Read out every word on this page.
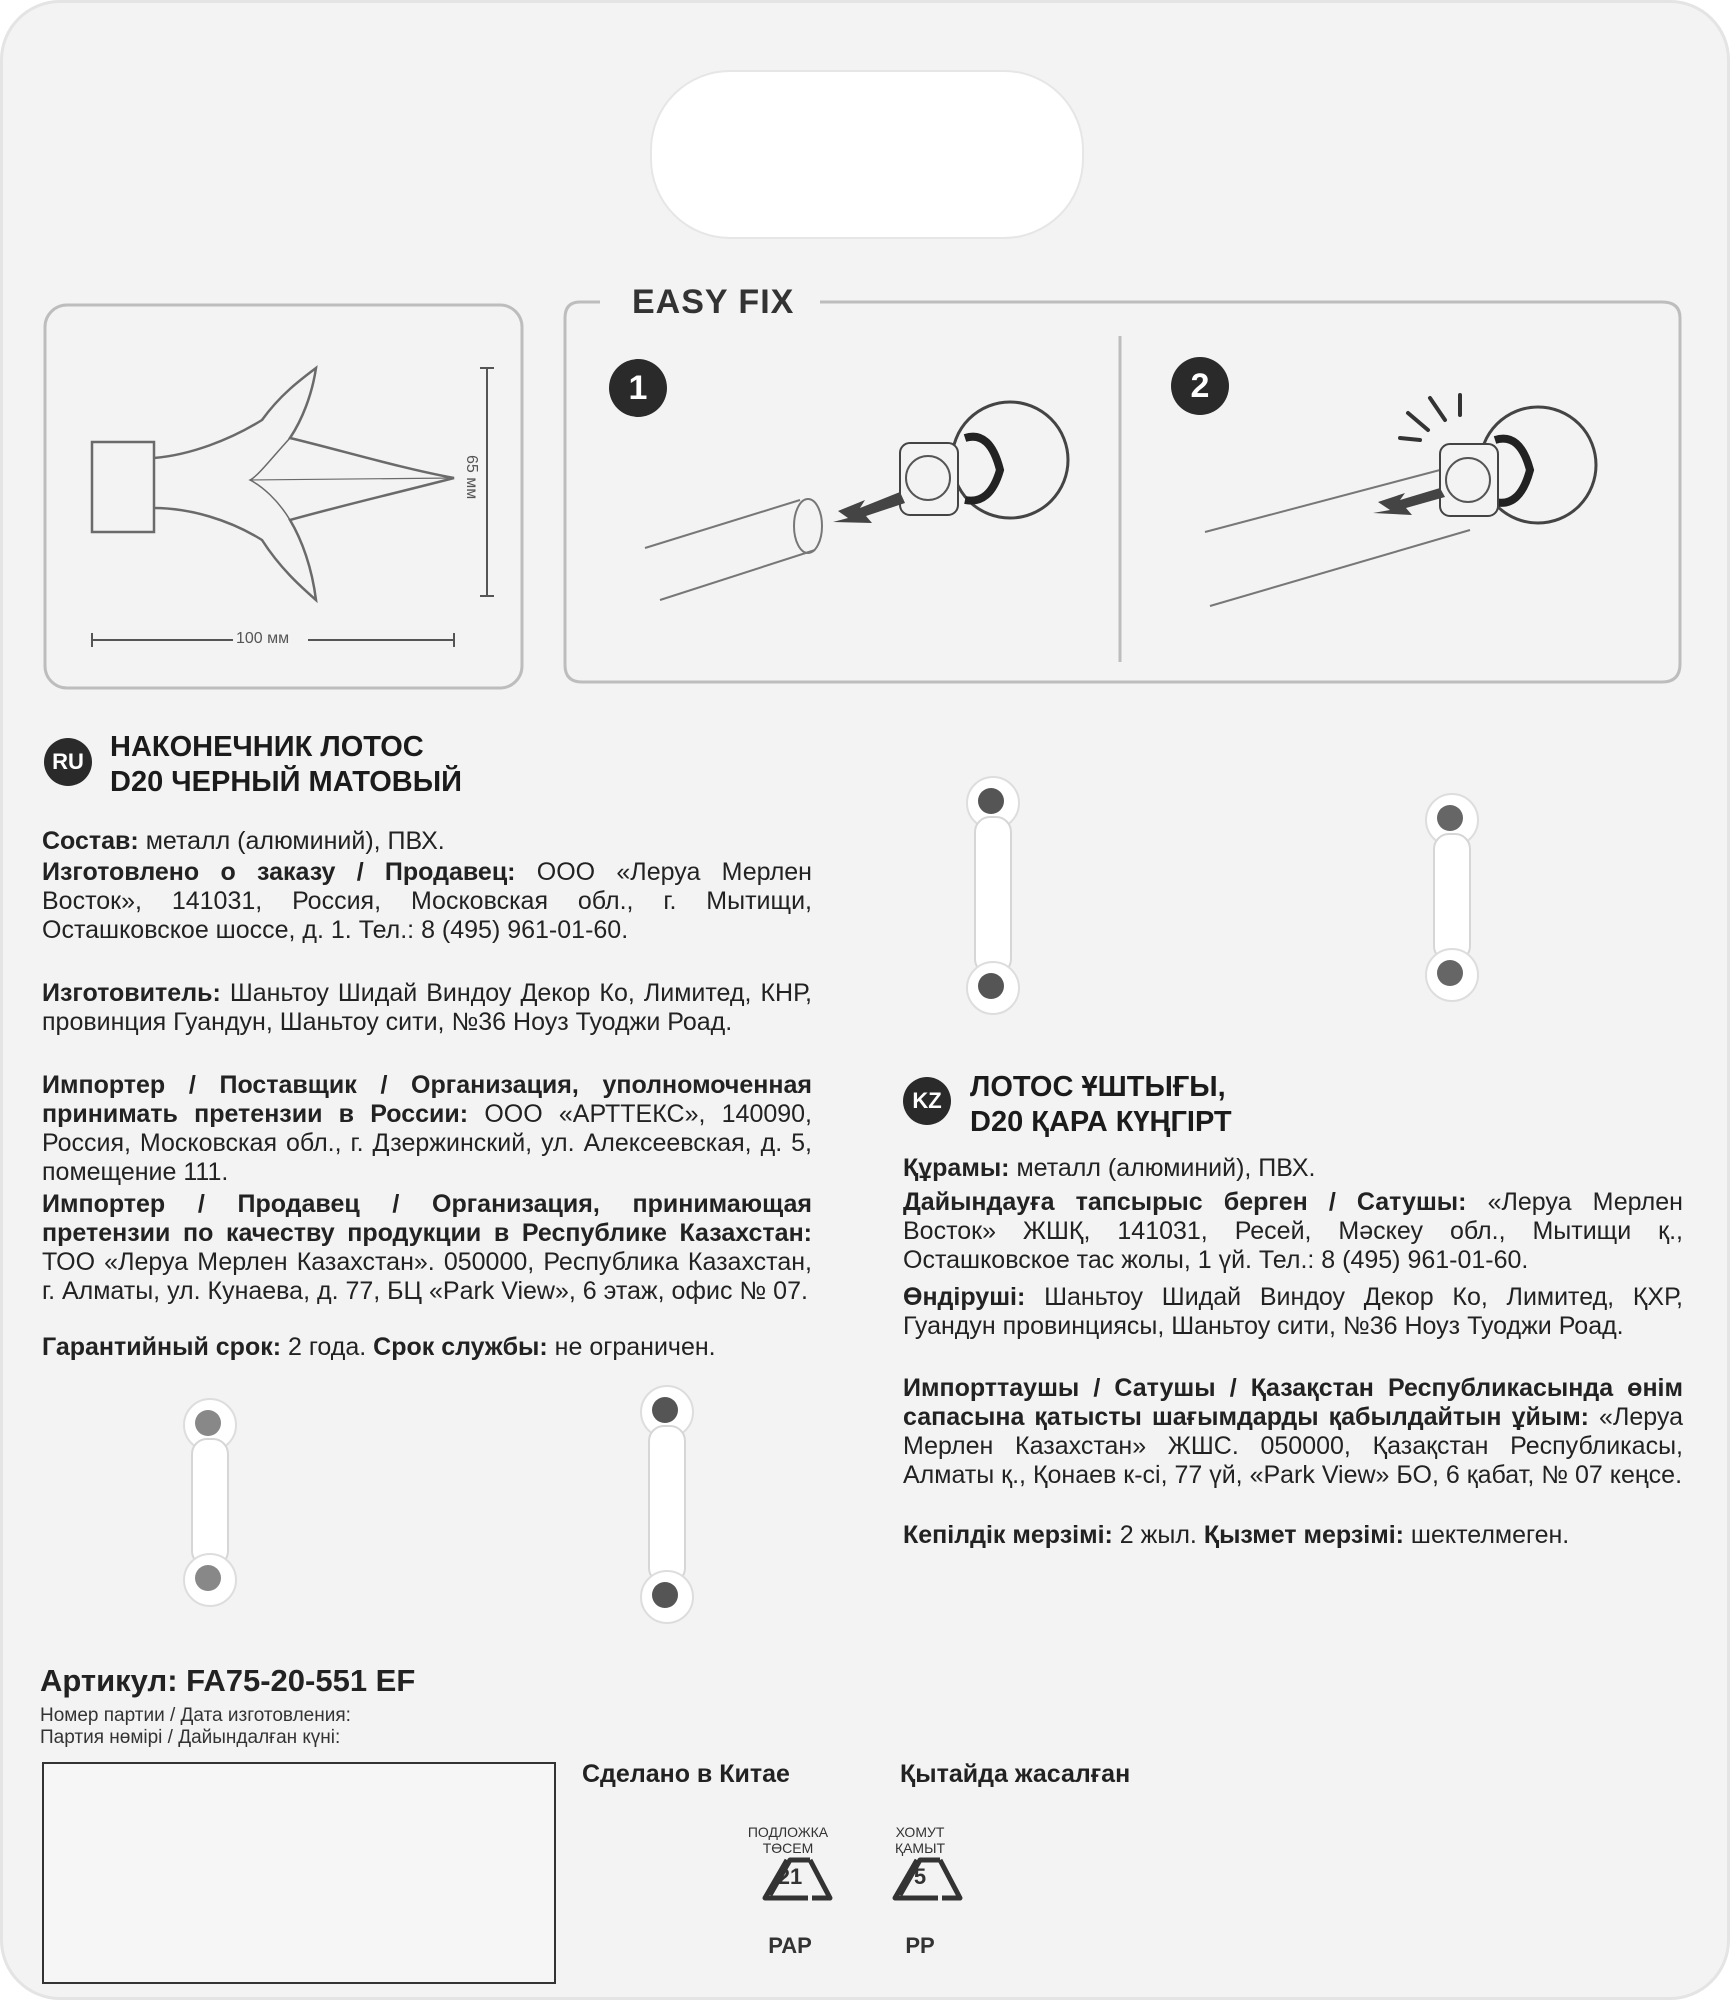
65 мм
100 мм
EASY FIX
1	2
RU НАКОНЕЧНИК ЛОТОС
D20 ЧЕРНЫЙ МАТОВЫЙ
Состав: металл (алюминий), ПВХ.
Изготовлено о заказу / Продавец: ООО «Леруа Мерлен Восток», 141031, Россия, Московская обл., г. Мытищи, Осташковское шоссе, д. 1. Тел.: 8 (495) 961-01-60.
Изготовитель: Шаньтоу Шидай Виндоу Декор Ко, Лимитед, КНР, провинция Гуандун, Шаньтоу сити, №36 Ноуз Туоджи Роад.
Импортер / Поставщик / Организация, уполномоченная принимать претензии в России: ООО «АРТТЕКС», 140090, Россия, Московская обл., г. Дзержинский, ул. Алексеевская, д. 5, помещение 111.
Импортер / Продавец / Организация, принимающая претензии по качеству продукции в Республике Казахстан: ТОО «Леруа Мерлен Казахстан». 050000, Республика Казахстан, г. Алматы, ул. Кунаева, д. 77, БЦ «Park View», 6 этаж, офис № 07.
Гарантийный срок: 2 года. Срок службы: не ограничен.
KZ ЛОТОС ҰШТЫҒЫ,
D20 ҚАРА КҮҢГІРТ
Құрамы: металл (алюминий), ПВХ.
Дайындауға тапсырыс берген / Сатушы: «Леруа Мерлен Восток» ЖШҚ, 141031, Ресей, Мәскеу обл., Мытищи қ., Осташковское тас жолы, 1 үй. Тел.: 8 (495) 961-01-60.
Өндіруші: Шаньтоу Шидай Виндоу Декор Ко, Лимитед, ҚХР, Гуандун провинциясы, Шаньтоу сити, №36 Ноуз Туоджи Роад.
Импорттаушы / Сатушы / Қазақстан Республикасында өнім сапасына қатысты шағымдарды қабылдайтын ұйым: «Леруа Мерлен Казахстан» ЖШС. 050000, Қазақстан Республикасы, Алматы қ., Қонаев к-сі, 77 үй, «Park View» БО, 6 қабат, № 07 кеңсе.
Кепілдік мерзімі: 2 жыл. Қызмет мерзімі: шектелмеген.
Артикул: FA75-20-551 EF
Номер партии / Дата изготовления:
Партия нөмірі / Дайындалған күні:
Сделано в Китае	Қытайда жасалған
ПОДЛОЖКА
ТӨСЕМ
21
PAP
ХОМУТ
ҚАМЫТ
5
PP
